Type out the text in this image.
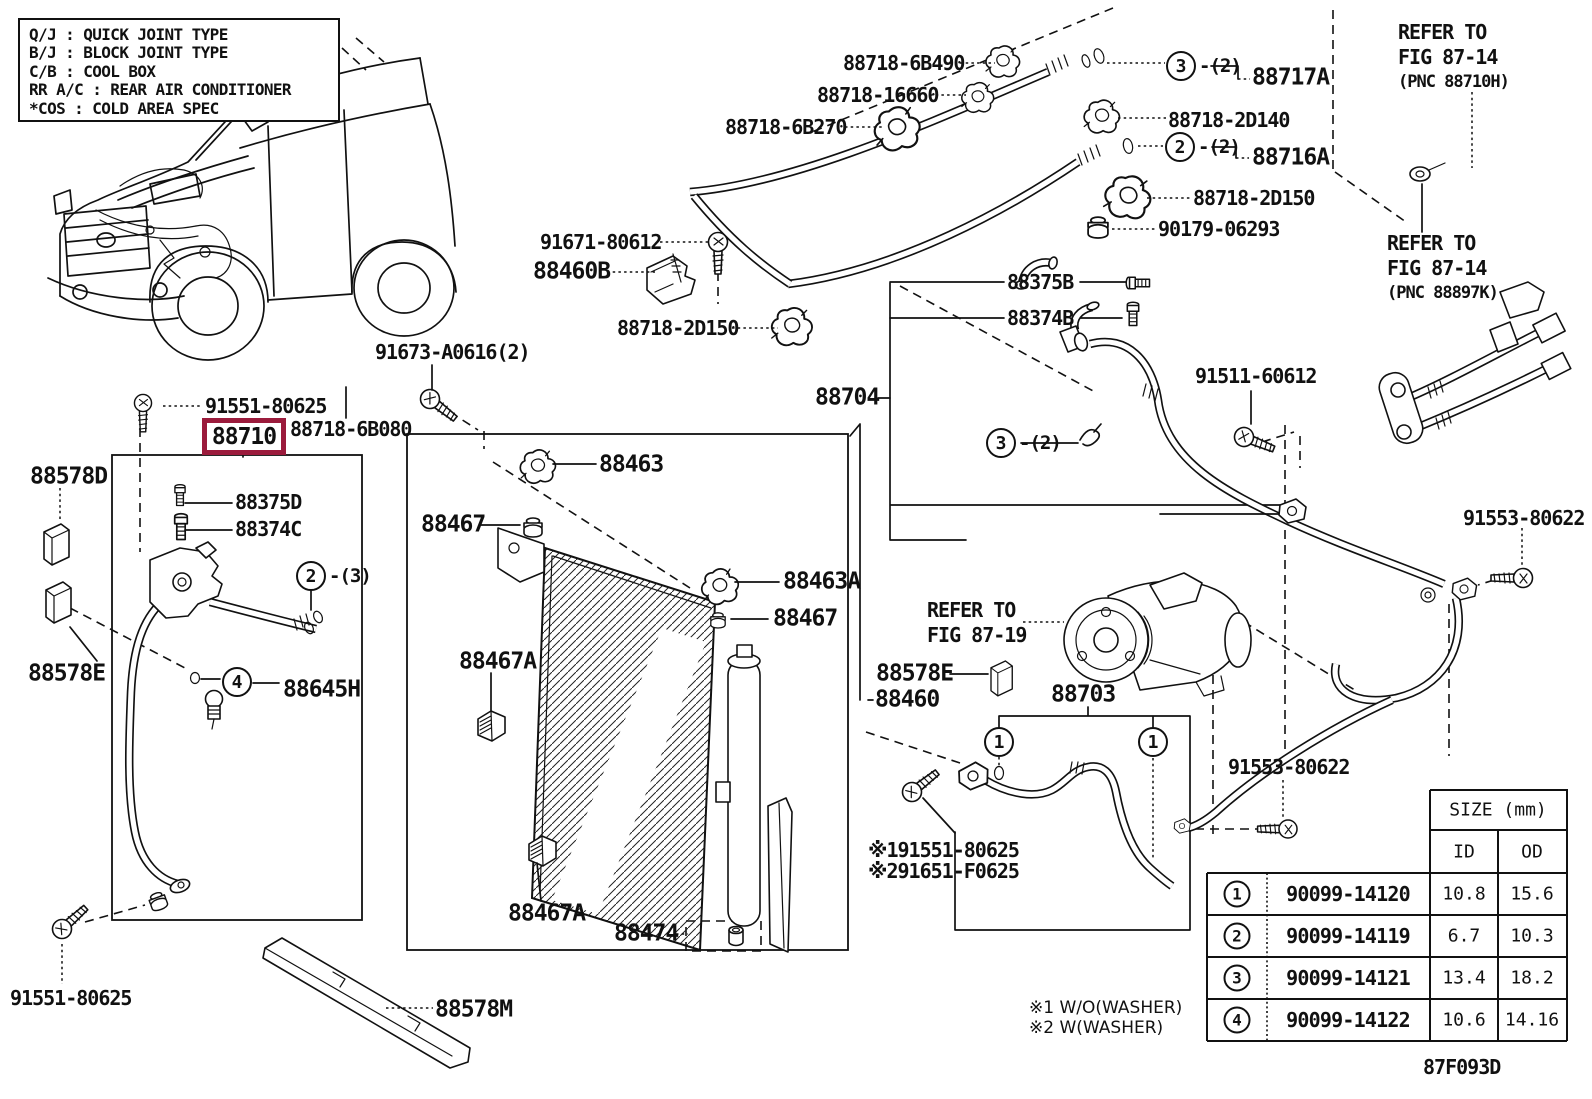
Q/J : QUICK JOINT TYPE
B/J : BLOCK JOINT TYPE
C/B : COOL BOX
RR A/C : REAR AIR CONDITIONER
*COS : COLD AREA SPEC
88718-6B490
88718-16660
88718-6B270
88717A
88718-2D140
88716A
88718-2D150
90179-06293
91671-80612
88460B
88718-2D150
88375B
88374B
88704
91511-60612
91673-A0616(2)
91551-80625
88718-6B080
88578D
88375D
88374C
88578E
88645H
88463
88467
88463A
88467
88467A
88467A
88474
88578E
88460	88703
※191551-80625
※291651-F0625
91553-80622
91553-80622
91551-80625	88578M
3 -(2)
2 -(2)
3 -(2)
2 -(3)
4
1	1
REFER TO
FIG 87-14
(PNC 88710H)
REFER TO
FIG 87-14
(PNC 88897K)
REFER TO
FIG 87-19
88710
SIZE (mm)
ID	OD
1	90099-14120 10.8 15.6
2	90099-14119 6.7 10.3
3	90099-14121 13.4 18.2
4	90099-14122 10.6 14.16
※1 W/O(WASHER)
※2 W(WASHER)
87F093D
